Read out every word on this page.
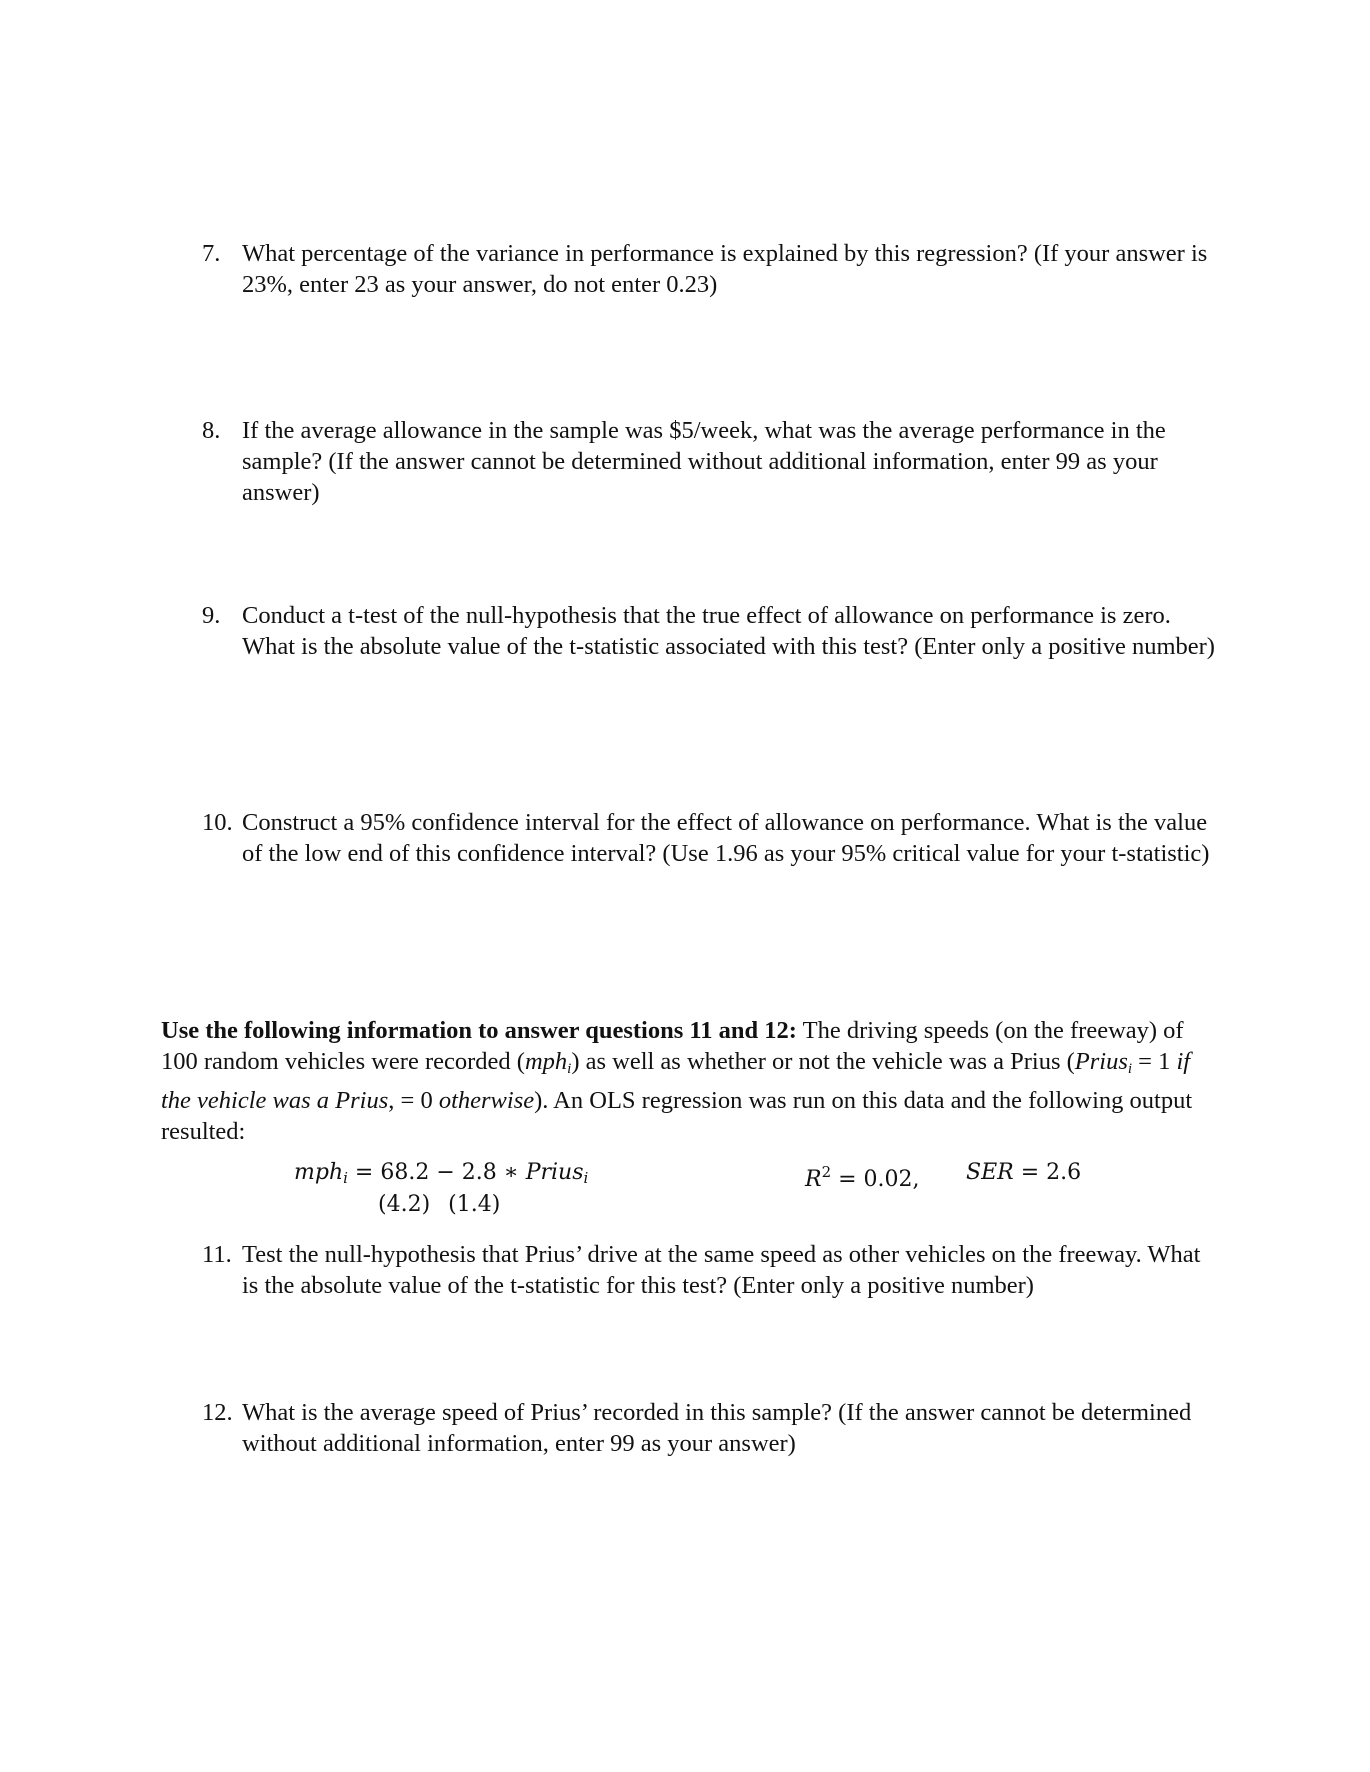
7. What percentage of the variance in performance is explained by this regression? (If your answer is 23%, enter 23 as your answer, do not enter 0.23)
8. If the average allowance in the sample was $5/week, what was the average performance in the sample? (If the answer cannot be determined without additional information, enter 99 as your answer)
9. Conduct a t-test of the null-hypothesis that the true effect of allowance on performance is zero. What is the absolute value of the t-statistic associated with this test? (Enter only a positive number)
10. Construct a 95% confidence interval for the effect of allowance on performance. What is the value of the low end of this confidence interval? (Use 1.96 as your 95% critical value for your t-statistic)
Use the following information to answer questions 11 and 12: The driving speeds (on the freeway) of 100 random vehicles were recorded (mph$_i$) as well as whether or not the vehicle was a Prius (Prius$_i$ = 1 if the vehicle was a Prius, = 0 otherwise). An OLS regression was run on this data and the following output resulted:
mph$_i$ = 68.2 − 2.8 ∗ Prius$_i$	$R^2 = 0.02$, SER = 2.6
(4.2) (1.4)
11. Test the null-hypothesis that Prius’ drive at the same speed as other vehicles on the freeway. What is the absolute value of the t-statistic for this test? (Enter only a positive number)
12. What is the average speed of Prius’ recorded in this sample? (If the answer cannot be determined without additional information, enter 99 as your answer)
